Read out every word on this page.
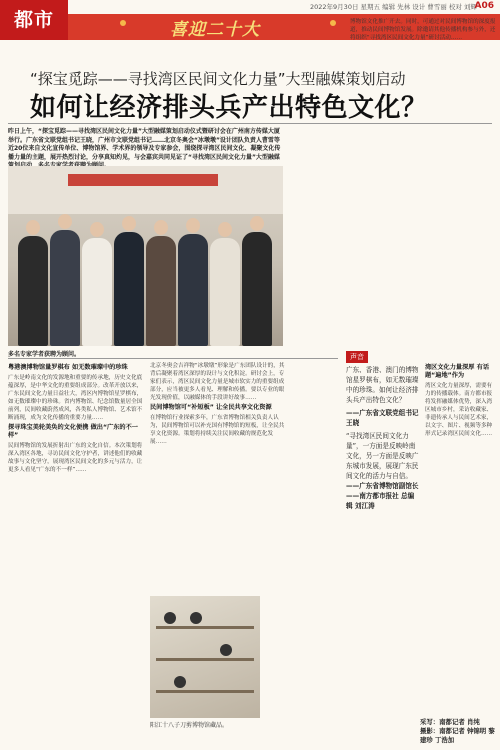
都市	喜迎二十大
2022年9月30日 星期五 编辑 先林 设计 曹雪丽 校对 刘辉
A06
“探宝觅踪——寻找湾区民间文化力量”大型融媒策划启动
如何让经济排头兵产出特色文化？
昨日上午，“探宝觅踪——寻找湾区民间文化力量”大型融媒策划启动仪式暨研讨会在广州南方传媒大厦举行。广东省文联党组书记王晓，广州市文联党组书记……北京冬奥会“冰墩墩”设计团队负责人曹雪等近20位来自文化宣传单位、博物馆界、学术界的领导及专家参会，围绕探寻湾区民间文化、凝聚文化传播力量的主题，展开热烈讨论，分享真知灼见，与会嘉宾共同见证了“寻找湾区民间文化力量”大型融媒
多名专家学者获聘为顾问。
粤港澳博物馆量罗棋布 如无数璀璨中的珍珠
广东是岭南文化的发源地和重要的传承地，历史文化底蕴深厚，是中华文化的重要组成部分。改革开放以来，广东民间文化力量日益壮大，湾区内博物馆星罗棋布，如无数璀璨中的珍珠。省内博物馆、纪念馆数量居全国前列，民间收藏蔚然成风，各类私人博物馆、艺术馆不断涌现，成为文化传播的重要力量……
探寻珠宝美轮美奂的文化便携 做出“广东的不一样”
民间博物馆的发展折射出广东的文化自信。本次策划将深入湾区各地，寻访民间文化守护者，讲述他们的收藏故事与文化坚守，展现湾区民间文化的多元与活力，让更多人看见“广东的不一样”……
北京冬奥会吉祥物“冰墩墩”形象是广东团队设计的，其背后凝聚着湾区深厚的设计与文化积淀。研讨会上，专家们表示，湾区民间文化力量是城市软实力的重要组成部分，应当被更多人看见、理解和传播。要以专业的眼光发现价值，以融媒体的手段讲好故事……
民间博物馆可“补短板” 让全民共享文化资源
在博物馆行业探索多年，广东省博物馆相关负责人认为，民间博物馆可以补充国有博物馆的短板，让全民共享文化资源。策划将持续关注民间收藏的规范化发展……
阳江十八子刀剪博物馆藏品。
声音
广东、香港、澳门的博物馆星罗棋布，如无数璀璨中的珍珠。如何让经济排头兵产出特色文化？
——广东省文联党组书记 王晓
“寻找湾区民间文化力量”，一方面是反映岭南文化，另一方面是反映广东城市发展，展现广东民间文化的活力与自信。
——广东省博物馆副馆长
——南方都市报社 总编辑 刘江涛
博物馆文化推广开去。同时，可通过对民间博物馆的深度报道，推动民间博物馆发展。除邀请其他传播机构参与外，还将组织“寻找湾区民间文化力量”研讨活动……
湾区文化力量深厚 有话题“遍地”作为
湾区文化力量深厚，需要有力的传播载体。南方都市报将发挥融媒体优势，深入湾区城市乡村，采访收藏家、非遗传承人与民间艺术家，以文字、图片、视频等多种形式记录湾区民间文化……
采写：南都记者 肖纯
摄影：南都记者 钟锦明 黎建珍 丁浩加
